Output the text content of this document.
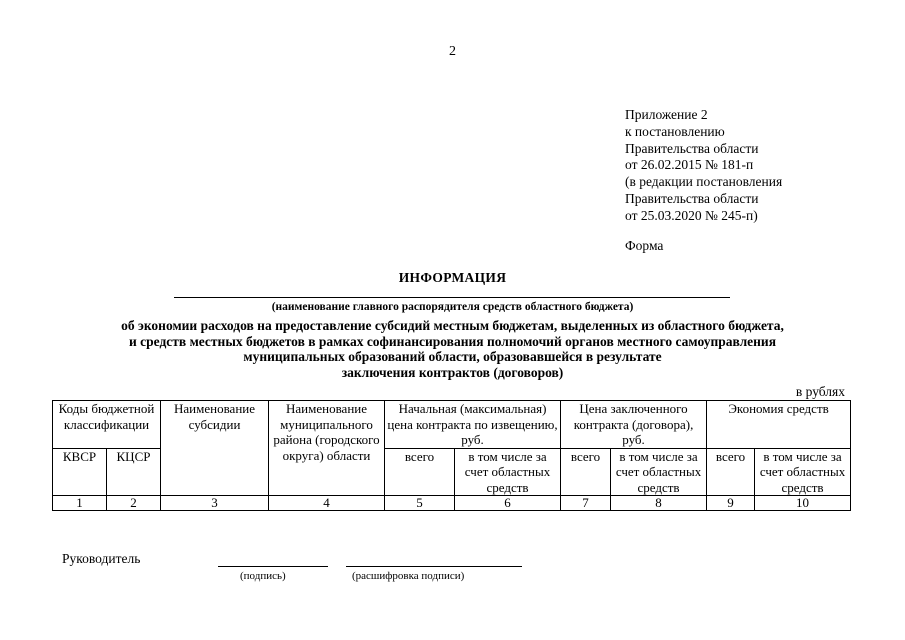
2
Приложение 2
к постановлению
Правительства области
от 26.02.2015 № 181-п
(в редакции постановления
Правительства области
от 25.03.2020 № 245-п)
Форма
ИНФОРМАЦИЯ
(наименование главного распорядителя средств областного бюджета)
об экономии расходов на предоставление субсидий местным бюджетам, выделенных из областного бюджета,
и средств местных бюджетов в рамках софинансирования полномочий органов местного самоуправления
муниципальных образований области, образовавшейся в результате
заключения контрактов (договоров)
в рублях
Коды бюджетной классификации		Наименование субсидии	Наименование муниципального района (городского округа) области	Начальная (максимальная) цена контракта по извещению, руб.		Цена заключенного контракта (договора), руб.		Экономия средств	
КВСР	КЦСР			всего	в том числе за счет областных средств	всего	в том числе за счет областных средств	всего	в том числе за счет областных средств
1	2	3	4	5	6	7	8	9	10
Руководитель
(подпись)	(расшифровка подписи)
